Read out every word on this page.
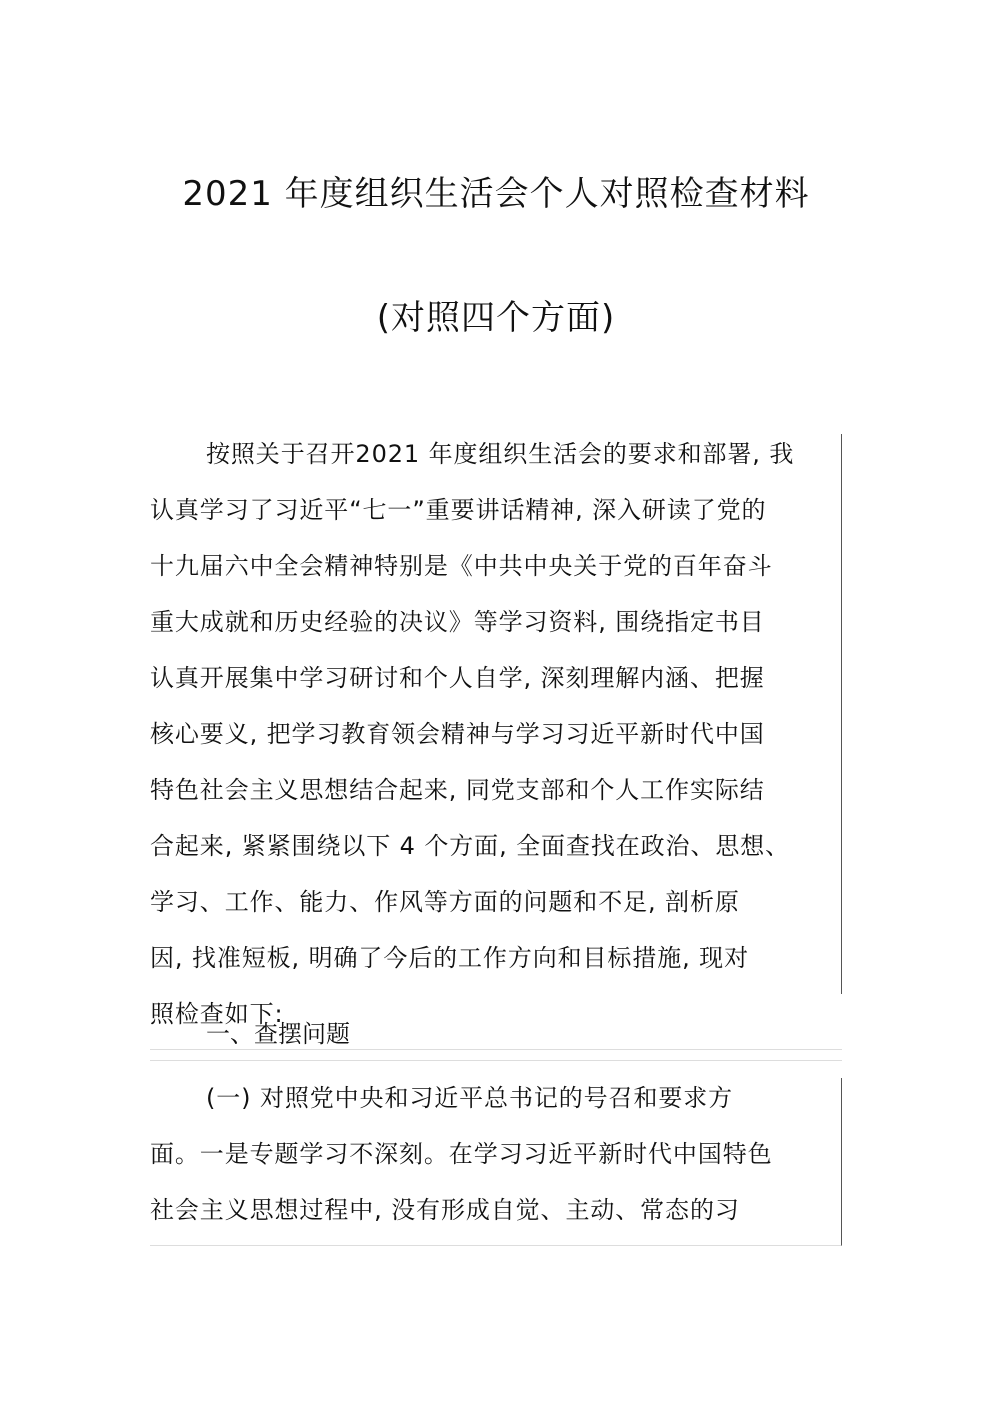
2021 年度组织生活会个人对照检查材料
(对照四个方面)
按照关于召开2021 年度组织生活会的要求和部署, 我
认真学习了习近平“七一”重要讲话精神, 深入研读了党的
十九届六中全会精神特别是《中共中央关于党的百年奋斗
重大成就和历史经验的决议》等学习资料, 围绕指定书目
认真开展集中学习研讨和个人自学, 深刻理解内涵、把握
核心要义, 把学习教育领会精神与学习习近平新时代中国
特色社会主义思想结合起来, 同党支部和个人工作实际结
合起来, 紧紧围绕以下 4 个方面, 全面查找在政治、思想、
学习、工作、能力、作风等方面的问题和不足, 剖析原
因, 找准短板, 明确了今后的工作方向和目标措施, 现对
照检查如下:
一、查摆问题
(一) 对照党中央和习近平总书记的号召和要求方
面。一是专题学习不深刻。在学习习近平新时代中国特色
社会主义思想过程中, 没有形成自觉、主动、常态的习
